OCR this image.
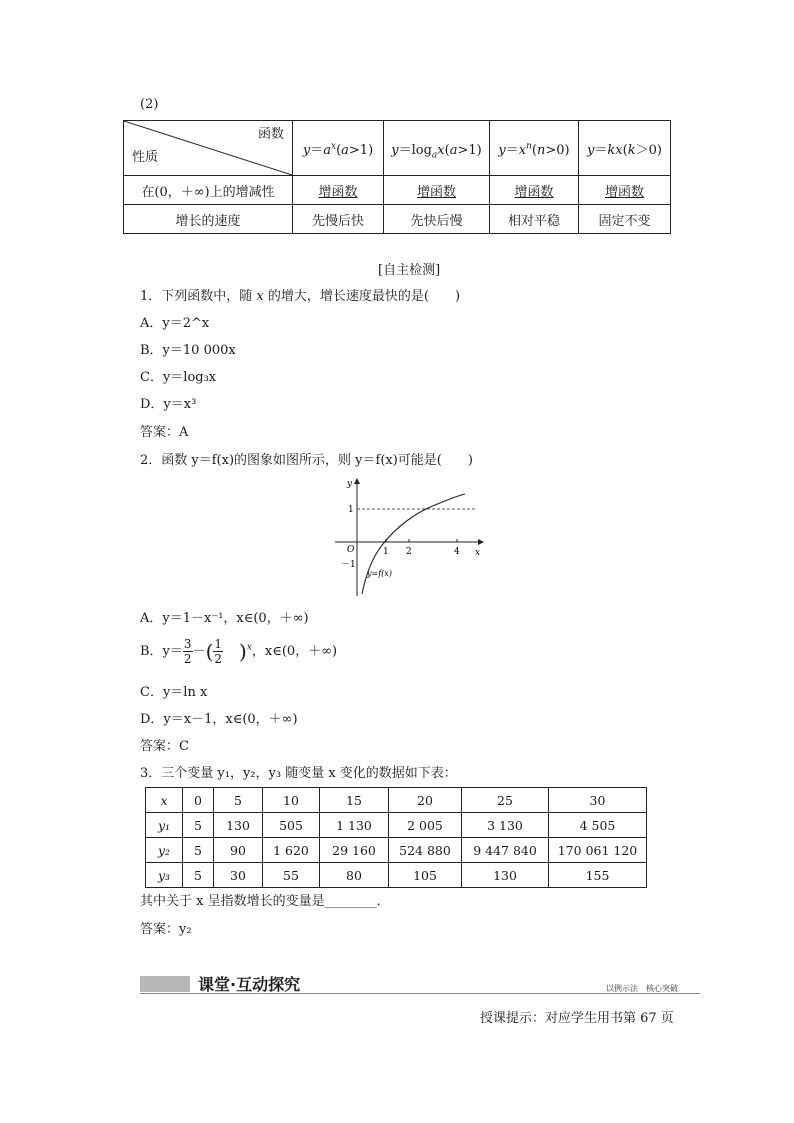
(2)
函数
性质	$y=a^x(a>1)$	$y=\log_ax(a>1)$	$y=x^n(n>0)$	y＝kx(k＞0)
在(0，＋∞)上的增减性	增函数	增函数	增函数	增函数
增长的速度	先慢后快	先快后慢	相对平稳	固定不变
[自主检测]
1．下列函数中，随 x 的增大，增长速度最快的是(　　)
A．y＝2^x
B．y＝10 000x
C．y＝log₃x
D．y＝x³
答案：A
2．函数 y＝f(x)的图象如图所示，则 y＝f(x)可能是(　　)
y
x
O	1 2	4
1
－1
y=f(x)
A．y＝1－x⁻¹，x∈(0，＋∞)
B．$y= \frac{3}{2}$ －( $\frac{1}{2} )^x$，x∈(0，＋∞)
C．y＝ln x
D．y＝x－1，x∈(0，＋∞)
答案：C
3．三个变量 y₁，y₂，y₃ 随变量 x 变化的数据如下表：
x	0	5	10	15	20	25	30
y₁	5	130	505	1 130	2 005	3 130	4 505
y₂	5	90	1 620	29 160	524 880	9 447 840	170 061 120
y₃	5	30	55	80	105	130	155
其中关于 x 呈指数增长的变量是________．
答案：y₂
课堂·互动探究	以例示法　核心突破
授课提示：对应学生用书第 67 页
